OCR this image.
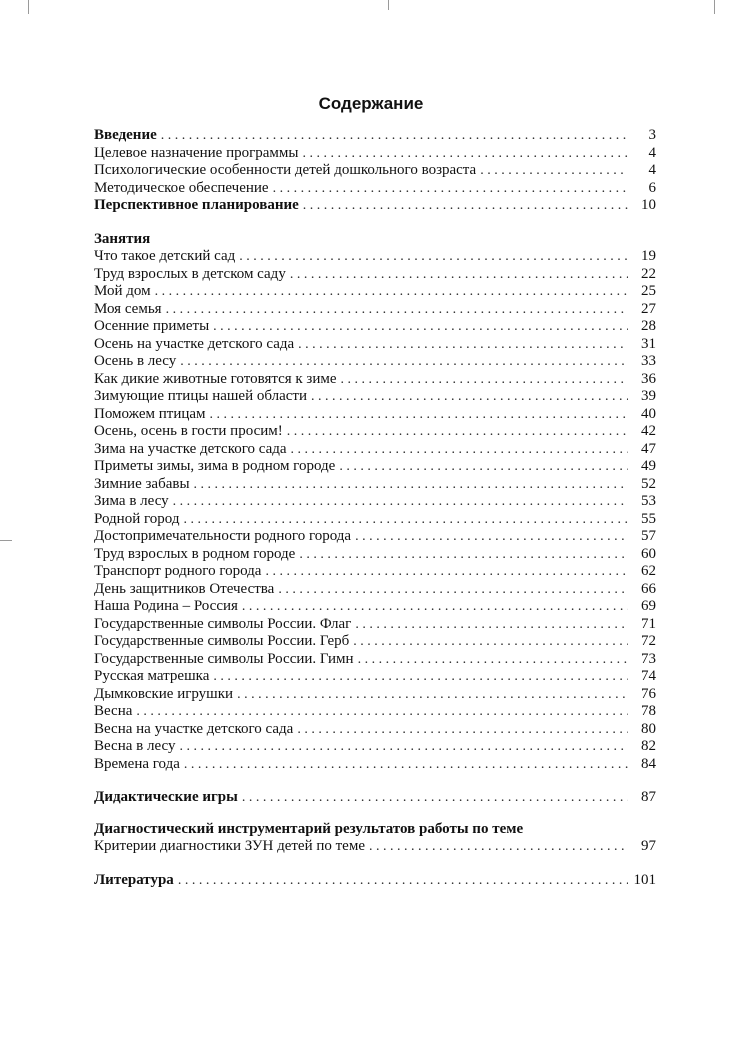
Содержание
Введение . . .	3
Целевое назначение программы . . .	4
Психологические особенности детей дошкольного возраста . . .	4
Методическое обеспечение . . .	6
Перспективное планирование . . .	10
Занятия
Что такое детский сад . . .	19
Труд взрослых в детском саду . . .	22
Мой дом . . .	25
Моя семья . . .	27
Осенние приметы . . .	28
Осень на участке детского сада . . .	31
Осень в лесу . . .	33
Как дикие животные готовятся к зиме . . .	36
Зимующие птицы нашей области . . .	39
Поможем птицам . . .	40
Осень, осень в гости просим! . . .	42
Зима на участке детского сада . . .	47
Приметы зимы, зима в родном городе . . .	49
Зимние забавы . . .	52
Зима в лесу . . .	53
Родной город . . .	55
Достопримечательности родного города . . .	57
Труд взрослых в родном городе . . .	60
Транспорт родного города . . .	62
День защитников Отечества . . .	66
Наша Родина – Россия . . .	69
Государственные символы России. Флаг . . .	71
Государственные символы России. Герб . . .	72
Государственные символы России. Гимн . . .	73
Русская матрешка . . .	74
Дымковские игрушки . . .	76
Весна . . .	78
Весна на участке детского сада . . .	80
Весна в лесу . . .	82
Времена года . . .	84
Дидактические игры . . .	87
Диагностический инструментарий результатов работы по теме
Критерии диагностики ЗУН детей по теме . . .	97
Литература . . .	101
